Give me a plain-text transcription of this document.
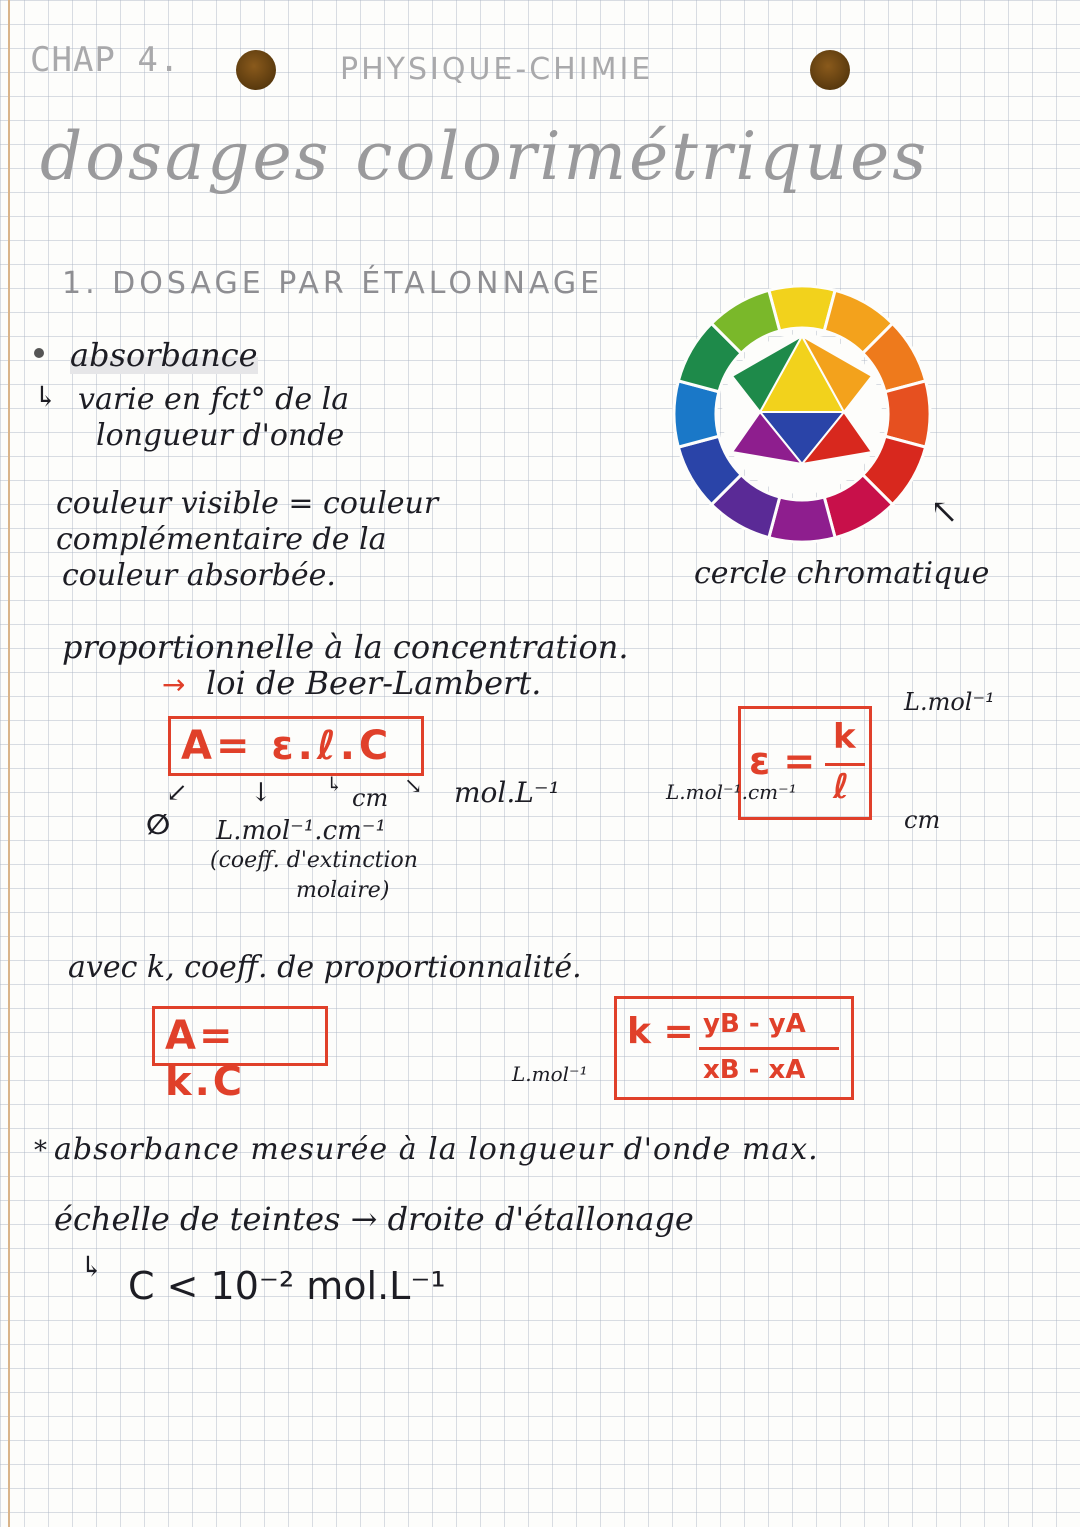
CHAP 4.	PHYSIQUE-CHIMIE
dosages colorimétriques
1. DOSAGE PAR ÉTALONNAGE
absorbance
↳ varie en fct° de la
longueur d'onde
couleur visible = couleur
complémentaire de la
couleur absorbée.
↖
cercle chromatique
proportionnelle à la concentration.
→ loi de Beer-Lambert.
A= ε.ℓ.C
↙ ↓	↳	↘
cm mol.L⁻¹
∅ L.mol⁻¹.cm⁻¹
(coeff. d'extinction
molaire)
ε =
k
ℓ
L.mol⁻¹
L.mol⁻¹.cm⁻¹
cm
avec k, coeff. de proportionnalité.
A= k.C
k = yB - yA
xB - xA
L.mol⁻¹
* absorbance mesurée à la longueur d'onde max.
échelle de teintes → droite d'étallonage
↳ C < 10⁻² mol.L⁻¹
